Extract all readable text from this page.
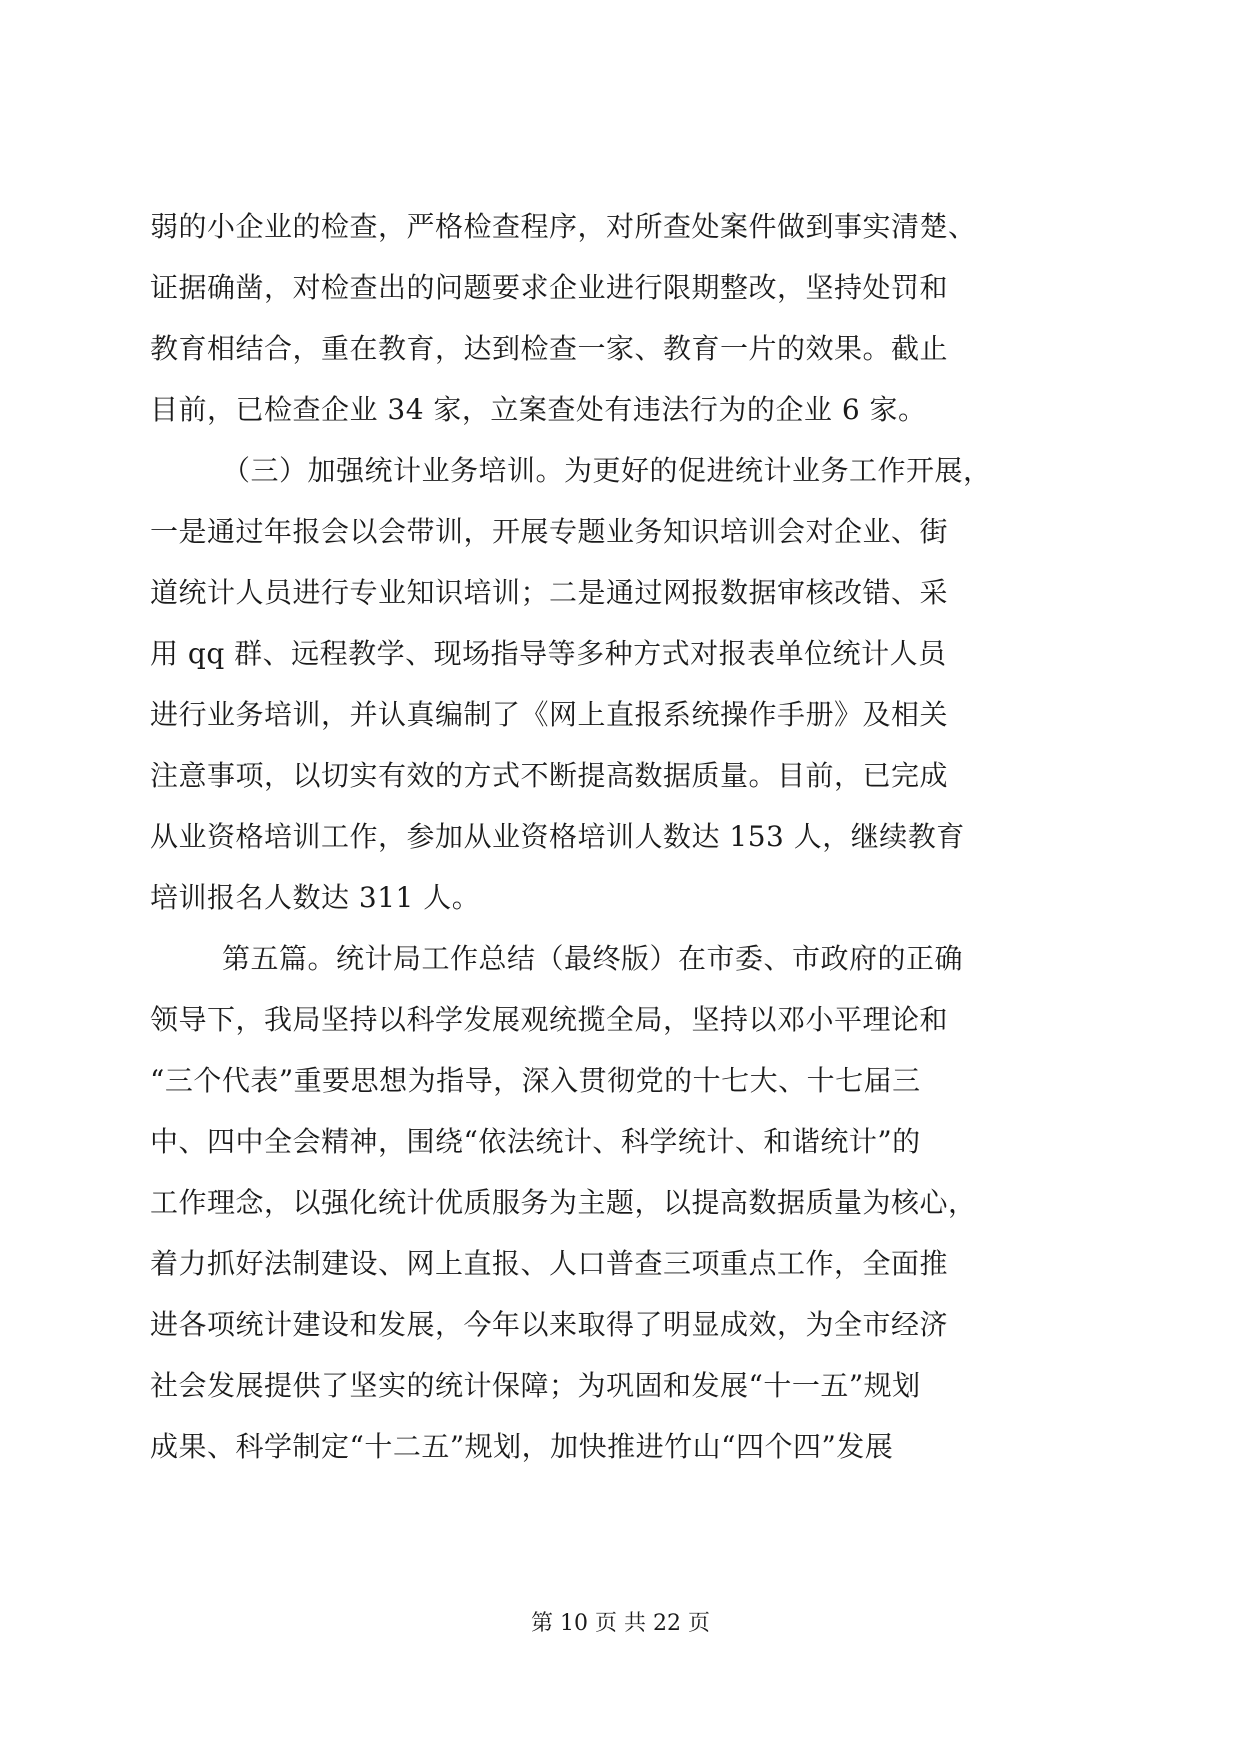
弱的小企业的检查，严格检查程序，对所查处案件做到事实清楚、
证据确凿，对检查出的问题要求企业进行限期整改，坚持处罚和
教育相结合，重在教育，达到检查一家、教育一片的效果。截止
目前，已检查企业 34 家，立案查处有违法行为的企业 6 家。
（三）加强统计业务培训。为更好的促进统计业务工作开展，
一是通过年报会以会带训，开展专题业务知识培训会对企业、街
道统计人员进行专业知识培训；二是通过网报数据审核改错、采
用 qq 群、远程教学、现场指导等多种方式对报表单位统计人员
进行业务培训，并认真编制了《网上直报系统操作手册》及相关
注意事项，以切实有效的方式不断提高数据质量。目前，已完成
从业资格培训工作，参加从业资格培训人数达 153 人，继续教育
培训报名人数达 311 人。
第五篇。统计局工作总结（最终版）在市委、市政府的正确
领导下，我局坚持以科学发展观统揽全局，坚持以邓小平理论和
“三个代表”重要思想为指导，深入贯彻党的十七大、十七届三
中、四中全会精神，围绕“依法统计、科学统计、和谐统计”的
工作理念，以强化统计优质服务为主题，以提高数据质量为核心，
着力抓好法制建设、网上直报、人口普查三项重点工作，全面推
进各项统计建设和发展，今年以来取得了明显成效，为全市经济
社会发展提供了坚实的统计保障；为巩固和发展“十一五”规划
成果、科学制定“十二五”规划，加快推进竹山“四个四”发展
第 10 页 共 22 页
